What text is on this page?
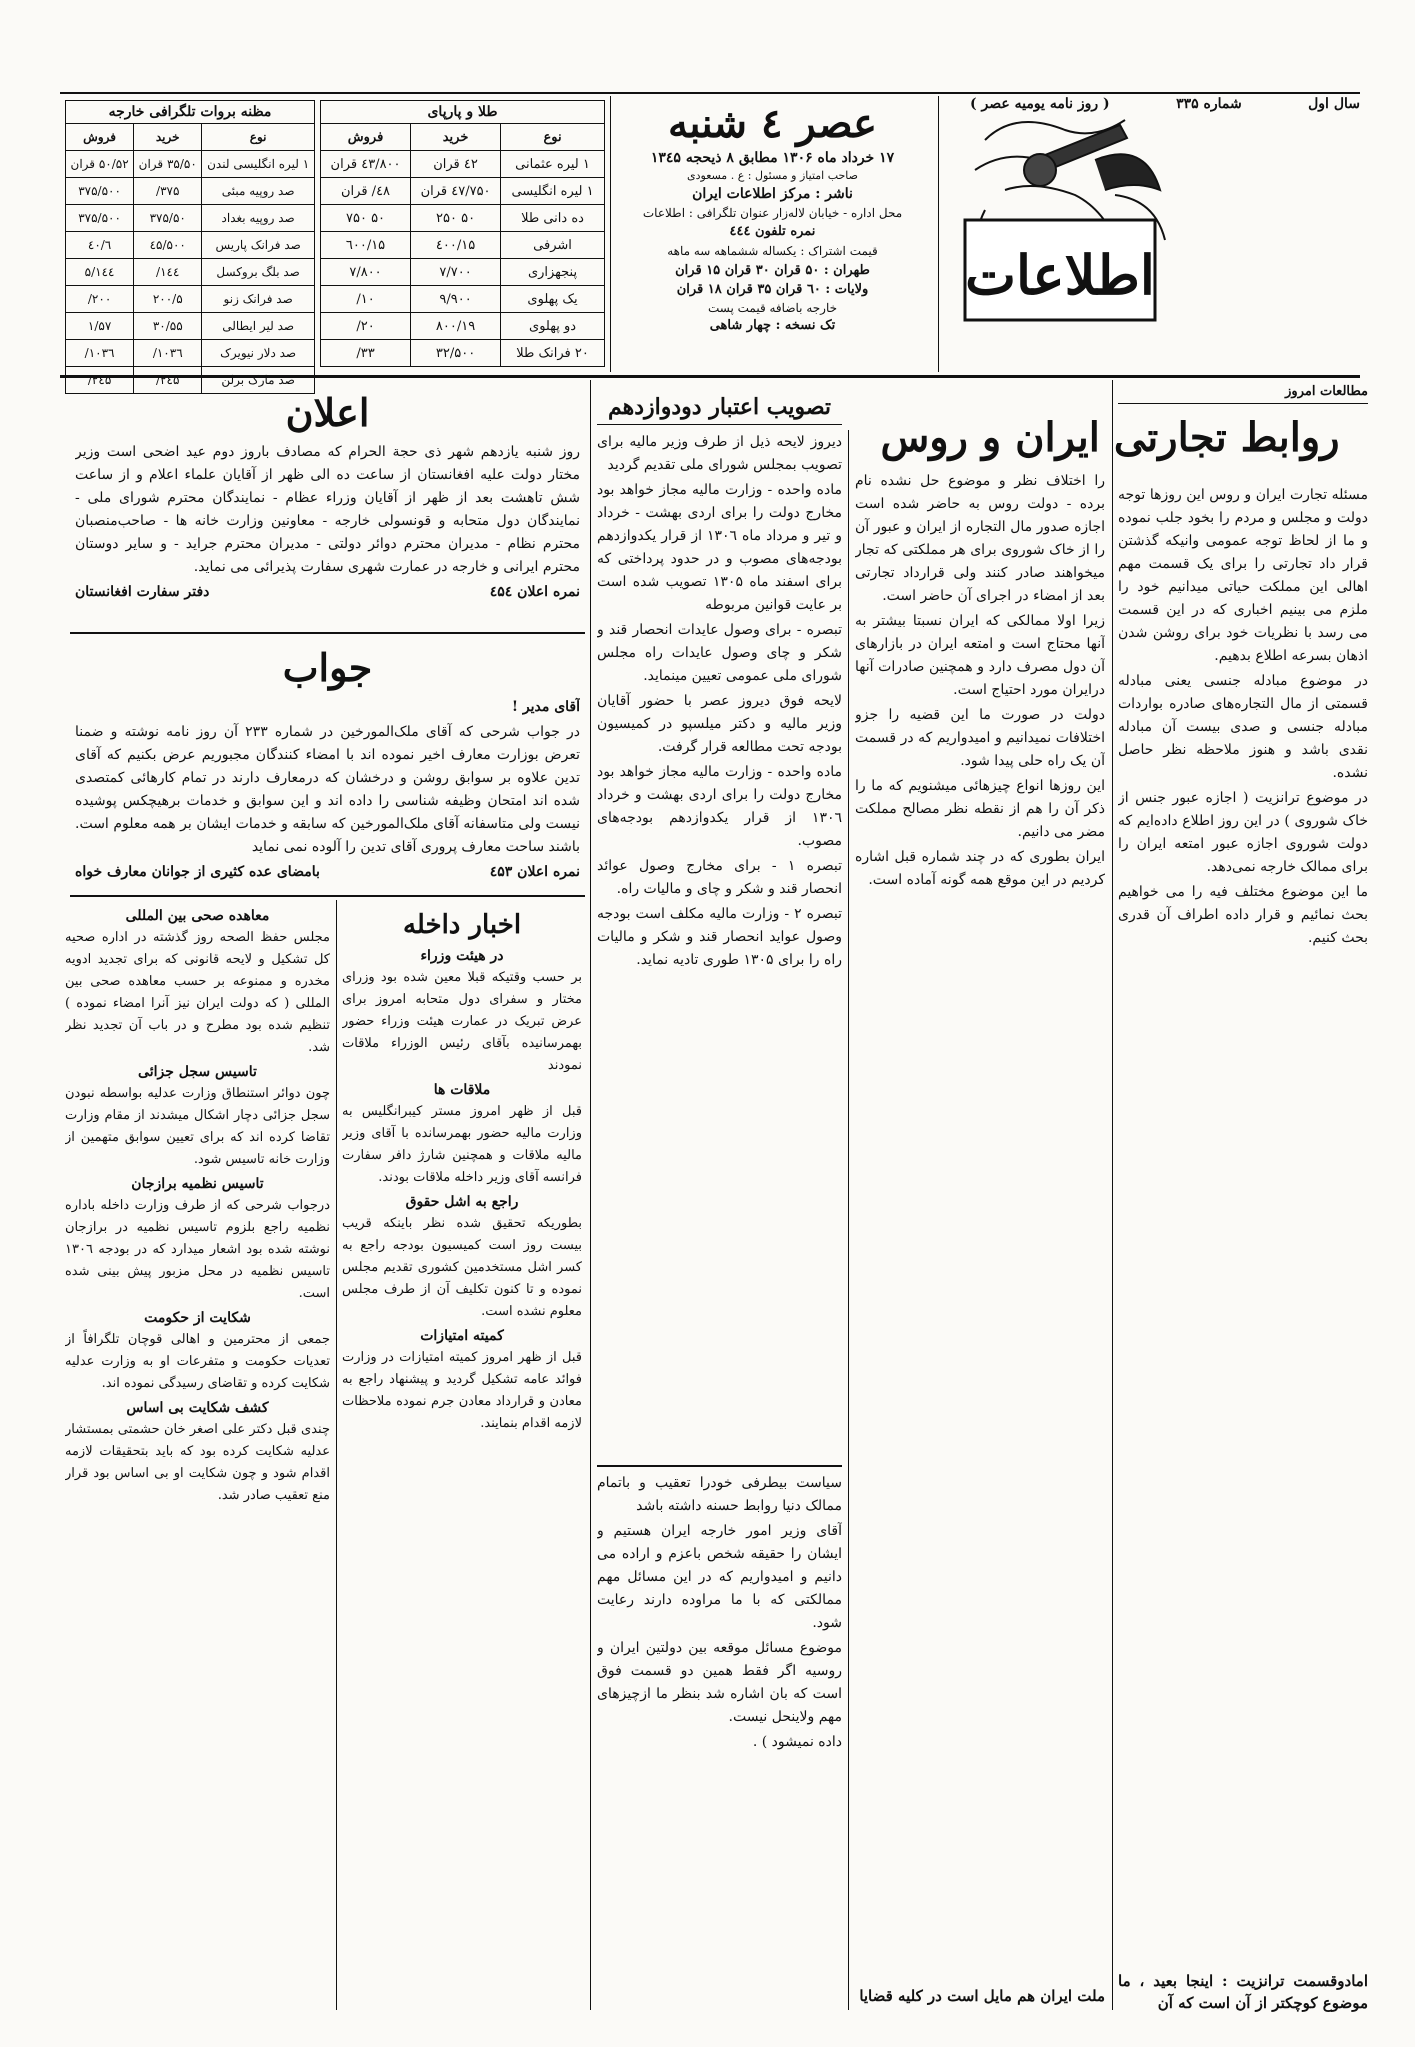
سال اول
شماره ۳۳۵
( روز نامه یومیه عصر )
اطلاعات
عصر ٤ شنبه
۱۷ خرداد ماه ۱۳۰۶ مطابق ۸ ذیحجه ۱۳٤۵
صاحب امتیاز و مسئول : ع . مسعودی
ناشر : مرکز اطلاعات ایران
محل اداره - خیابان لاله‌زار عنوان تلگرافی : اطلاعات
نمره تلفون ٤٤٤
قیمت اشتراک : یکساله ششماهه سه ماهه
طهران : ۵۰ قران ۳۰ قران ۱۵ قران
ولایات : ٦۰ قران ۳۵ قران ۱۸ قران
خارجه باضافه قیمت پست
تک نسخه : چهار شاهی
طلا و پارپای
نوع	خرید	فروش
۱ لیره عثمانی	٤۲ قران	٤٣/٨۰۰ قران
۱ لیره انگلیسی	٤٧/٧۵۰ قران	٤٨/ قران
ده دانی طلا	۵۰ ۲۵۰	۵۰ ٧۵۰
اشرفی	۱۵/٤۰۰	۱۵/٦۰۰
پنجهزاری	٧/٧۰۰	٧/٨۰۰
یک پهلوی	۹/۹۰۰	۱۰/
دو پهلوی	۱۹/٨۰۰	۲۰/
۲۰ فرانک طلا	٣۲/۵۰۰	٣٣/
مظنه بروات تلگرافی خارجه
نوع	خرید	فروش
۱ لیره انگلیسی لندن	۵۰/٣۵ قران	۵۰/۵۲ قران
صد روپیه مبئی	٣٧۵/	٣٧۵/۵۰۰
صد روپیه بغداد	٣٧۵/۵۰	٣٧۵/۵۰۰
صد فرانک پاریس	٤۵/۵۰۰	٤٠/٦
صد بلگ بروکسل	۱٤٤/	۱٤٤/۵
صد فرانک زنو	۲۰۰/۵	۲۰۰/
صد لیر ایطالی	۵۵/٣٠	۵٧/۱
صد دلار نیویرک	۱۰٣٦/	۱۰٣٦/
صد مارک برلن	۲٤۵/	۲٤۵/
مطالعات امروز

مسئله تجارت ایران و روس این روزها توجه دولت و مجلس و مردم را بخود جلب نموده و ما از لحاظ توجه عمومی وانیکه گذشتن قرار داد تجارتی را برای یک قسمت مهم اهالی این مملکت حیاتی میدانیم خود را ملزم می بینیم اخباری که در این قسمت می رسد با نظریات خود برای روشن شدن اذهان بسرعه اطلاع بدهیم.

در موضوع مبادله جنسی یعنی مبادله قسمتی از مال التجاره‌های صادره بواردات مبادله جنسی و صدی بیست آن مبادله نقدی باشد و هنوز ملاحظه نظر حاصل نشده.

در موضوع ترانزیت ( اجازه عبور جنس از خاک شوروی ) در این روز اطلاع داده‌ایم که دولت شوروی اجازه عبور امتعه ایران را برای ممالک خارجه نمی‌دهد.

ما این موضوع مختلف فیه را می خواهیم بحث نمائیم و قرار داده اطراف آن قدری بحث کنیم.

روابط تجارتی ایران و روس
امادوقسمت ترانزیت : اینجا بعید ، ما موضوع کوچکتر از آن است که آن

را اختلاف نظر و موضوع حل نشده نام برده - دولت روس به حاضر شده است اجازه صدور مال التجاره از ایران و عبور آن را از خاک شوروی برای هر مملکتی که تجار میخواهند صادر کنند ولی قرارداد تجارتی بعد از امضاء در اجرای آن حاضر است.

زیرا اولا ممالکی که ایران نسبتا بیشتر به آنها محتاج است و امتعه ایران در بازارهای آن دول مصرف دارد و همچنین صادرات آنها درایران مورد احتیاج است.

دولت در صورت ما این قضیه را جزو اختلافات نمیدانیم و امیدواریم که در قسمت آن یک راه حلی پیدا شود.

این روزها انواع چیزهائی میشنویم که ما را ذکر آن را هم از نقطه نظر مصالح مملکت مضر می دانیم.

ایران بطوری که در چند شماره قبل اشاره کردیم در این موقع همه گونه آماده است.

ملت ایران هم مایل است در کلیه قضایا
تصویب اعتبار دودوازدهم

دیروز لایحه ذیل از طرف وزیر مالیه برای تصویب بمجلس شورای ملی تقدیم گردید

ماده واحده - وزارت مالیه مجاز خواهد بود مخارج دولت را برای اردی بهشت - خرداد و تیر و مرداد ماه ۱۳۰٦ از قرار یکدوازدهم بودجه‌های مصوب و در حدود پرداختی که برای اسفند ماه ۱۳۰۵ تصویب شده است بر عایت قوانین مربوطه

تبصره - برای وصول عایدات انحصار قند و شکر و چای وصول عایدات راه مجلس شورای ملی عمومی تعیین مینماید.

لایحه فوق دیروز عصر با حضور آقایان وزیر مالیه و دکتر میلسپو در کمیسیون بودجه تحت مطالعه قرار گرفت.

ماده واحده - وزارت مالیه مجاز خواهد بود مخارج دولت را برای اردی بهشت و خرداد ۱۳۰٦ از قرار یکدوازدهم بودجه‌های مصوب.

تبصره ۱ - برای مخارج وصول عوائد انحصار قند و شکر و چای و مالیات راه.

تبصره ۲ - وزارت مالیه مکلف است بودجه وصول عواید انحصار قند و شکر و مالیات راه را برای ۱۳۰۵ طوری تادیه نماید.

سیاست بیطرفی خودرا تعقیب و باتمام ممالک دنیا روابط حسنه داشته باشد

آقای وزیر امور خارجه ایران هستیم و ایشان را حقیقه شخص باعزم و اراده می دانیم و امیدواریم که در این مسائل مهم ممالکتی که با ما مراوده دارند رعایت شود.

موضوع مسائل موقعه بین دولتین ایران و روسیه اگر فقط همین دو قسمت فوق است که بان اشاره شد بنظر ما ازچیزهای مهم ولاینحل نیست.

داده نمیشود ) .

اعلان

روز شنبه یازدهم شهر ذی حجة الحرام که مصادف باروز دوم عید اضحی است وزیر مختار دولت علیه افغانستان از ساعت ده الی ظهر از آقایان علماء اعلام و از ساعت شش تاهشت بعد از ظهر از آقایان وزراء عظام - نمایندگان محترم شورای ملی - نمایندگان دول متحابه و قونسولی خارجه - معاونین وزارت خانه ها - صاحب‌منصبان محترم نظام - مدیران محترم دوائر دولتی - مدیران محترم جراید - و سایر دوستان محترم ایرانی و خارجه در عمارت شهری سفارت پذیرائی می نماید.

نمره اعلان ٤۵٤
دفتر سفارت افغانستان
جواب

آقای مدیر !

در جواب شرحی که آقای ملک‌المورخین در شماره ۲٣٣ آن روز نامه نوشته و ضمنا تعرض بوزارت معارف اخیر نموده اند با امضاء کنندگان مجبوریم عرض بکنیم که آقای تدین علاوه بر سوابق روشن و درخشان که درمعارف دارند در تمام کارهائی کمتصدی شده اند امتحان وظیفه شناسی را داده اند و این سوابق و خدمات برهیچکس پوشیده نیست ولی متاسفانه آقای ملک‌المورخین که سابقه و خدمات ایشان بر همه معلوم است. باشند ساحت معارف پروری آقای تدین را آلوده نمی نماید

نمره اعلان ٤۵٣
بامضای عده کثیری از جوانان معارف خواه
اخبار داخله
در هیئت وزراء

بر حسب وقتیکه قبلا معین شده بود وزرای مختار و سفرای دول متحابه امروز برای عرض تبریک در عمارت هیئت وزراء حضور بهمرسانیده بآقای رئیس الوزراء ملاقات نمودند

ملاقات ها

قبل از ظهر امروز مستر کیبرانگلیس به وزارت مالیه حضور بهمرسانده با آقای وزیر مالیه ملاقات و همچنین شارژ دافر سفارت فرانسه آقای وزیر داخله ملاقات بودند.

راجع به اشل حقوق

بطوریکه تحقیق شده نظر باینکه قریب بیست روز است کمیسیون بودجه راجع به کسر اشل مستخدمین کشوری تقدیم مجلس نموده و تا کنون تکلیف آن از طرف مجلس معلوم نشده است.

کمیته امتیازات

قبل از ظهر امروز کمیته امتیازات در وزارت فوائد عامه تشکیل گردید و پیشنهاد راجع به معادن و قرارداد معادن جرم نموده ملاحظات لازمه اقدام بنمایند.

معاهده صحی بین المللی

مجلس حفظ الصحه روز گذشته در اداره صحیه کل تشکیل و لایحه قانونی که برای تجدید ادویه مخدره و ممنوعه بر حسب معاهده صحی بین المللی ( که دولت ایران نیز آنرا امضاء نموده ) تنظیم شده بود مطرح و در باب آن تجدید نظر شد.

تاسیس سجل جزائی

چون دوائر استنطاق وزارت عدلیه بواسطه نبودن سجل جزائی دچار اشکال میشدند از مقام وزارت تقاضا کرده اند که برای تعیین سوابق متهمین از وزارت خانه تاسیس شود.

تاسیس نظمیه برازجان

درجواب شرحی که از طرف وزارت داخله باداره نظمیه راجع بلزوم تاسیس نظمیه در برازجان نوشته شده بود اشعار میدارد که در بودجه ۱۳۰٦ تاسیس نظمیه در محل مزبور پیش بینی شده است.

شکایت از حکومت

جمعی از محترمین و اهالی قوچان تلگرافاً از تعدیات حکومت و متفرعات او به وزارت عدلیه شکایت کرده و تقاضای رسیدگی نموده اند.

کشف شکایت بی اساس

چندی قبل دکتر علی اصغر خان حشمتی بمستشار عدلیه شکایت کرده بود که باید بتحقیقات لازمه اقدام شود و چون شکایت او بی اساس بود قرار منع تعقیب صادر شد.
